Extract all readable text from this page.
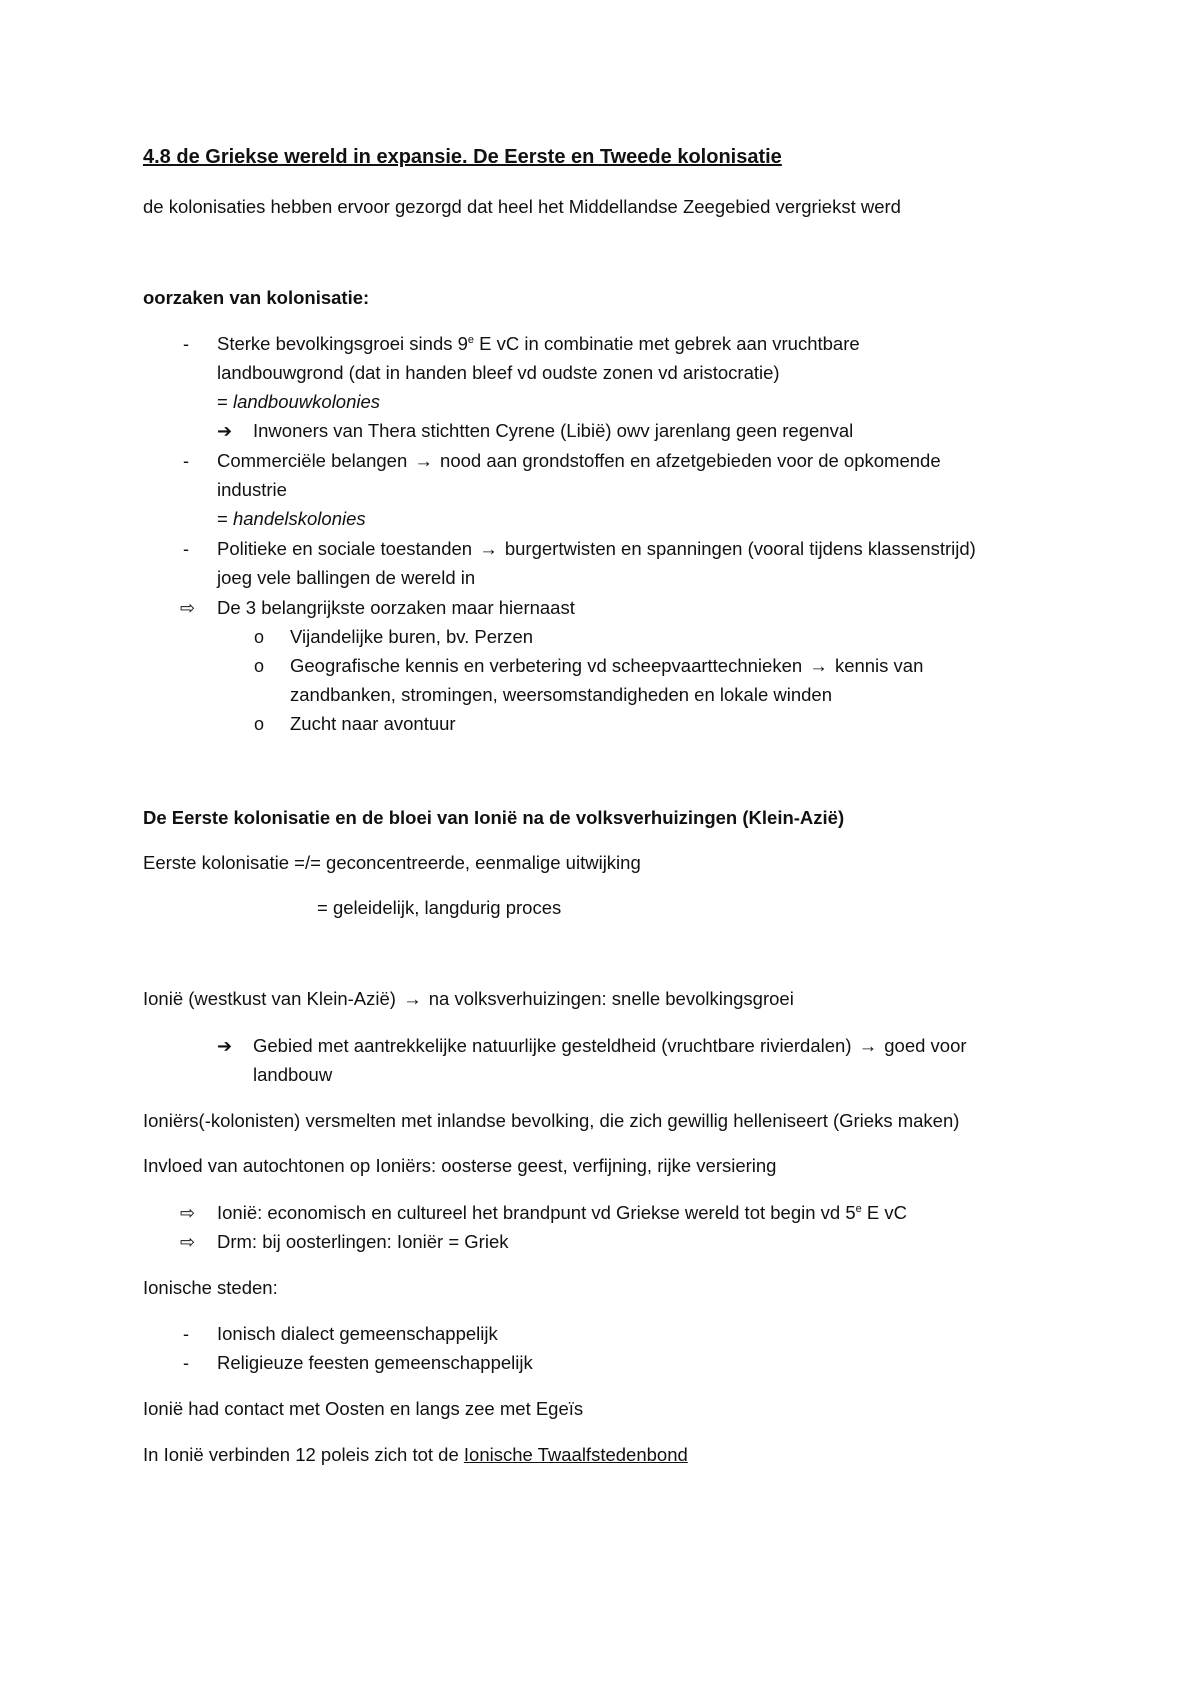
4.8 de Griekse wereld in expansie. De Eerste en Tweede kolonisatie
de kolonisaties hebben ervoor gezorgd dat heel het Middellandse Zeegebied vergriekst werd
oorzaken van kolonisatie:
- Sterke bevolkingsgroei sinds 9e E vC in combinatie met gebrek aan vruchtbare
landbouwgrond (dat in handen bleef vd oudste zonen vd aristocratie)
= landbouwkolonies
➔ Inwoners van Thera stichtten Cyrene (Libië) owv jarenlang geen regenval
- Commerciële belangen → nood aan grondstoffen en afzetgebieden voor de opkomende
industrie
= handelskolonies
- Politieke en sociale toestanden → burgertwisten en spanningen (vooral tijdens klassenstrijd)
joeg vele ballingen de wereld in
⇨ De 3 belangrijkste oorzaken maar hiernaast
o Vijandelijke buren, bv. Perzen
o Geografische kennis en verbetering vd scheepvaarttechnieken → kennis van
zandbanken, stromingen, weersomstandigheden en lokale winden
o Zucht naar avontuur
De Eerste kolonisatie en de bloei van Ionië na de volksverhuizingen (Klein-Azië)
Eerste kolonisatie =/= geconcentreerde, eenmalige uitwijking
= geleidelijk, langdurig proces
Ionië (westkust van Klein-Azië) → na volksverhuizingen: snelle bevolkingsgroei
➔ Gebied met aantrekkelijke natuurlijke gesteldheid (vruchtbare rivierdalen) → goed voor
landbouw
Ioniërs(-kolonisten) versmelten met inlandse bevolking, die zich gewillig helleniseert (Grieks maken)
Invloed van autochtonen op Ioniërs: oosterse geest, verfijning, rijke versiering
⇨ Ionië: economisch en cultureel het brandpunt vd Griekse wereld tot begin vd 5e E vC
⇨ Drm: bij oosterlingen: Ioniër = Griek
Ionische steden:
- Ionisch dialect gemeenschappelijk
- Religieuze feesten gemeenschappelijk
Ionië had contact met Oosten en langs zee met Egeïs
In Ionië verbinden 12 poleis zich tot de Ionische Twaalfstedenbond
